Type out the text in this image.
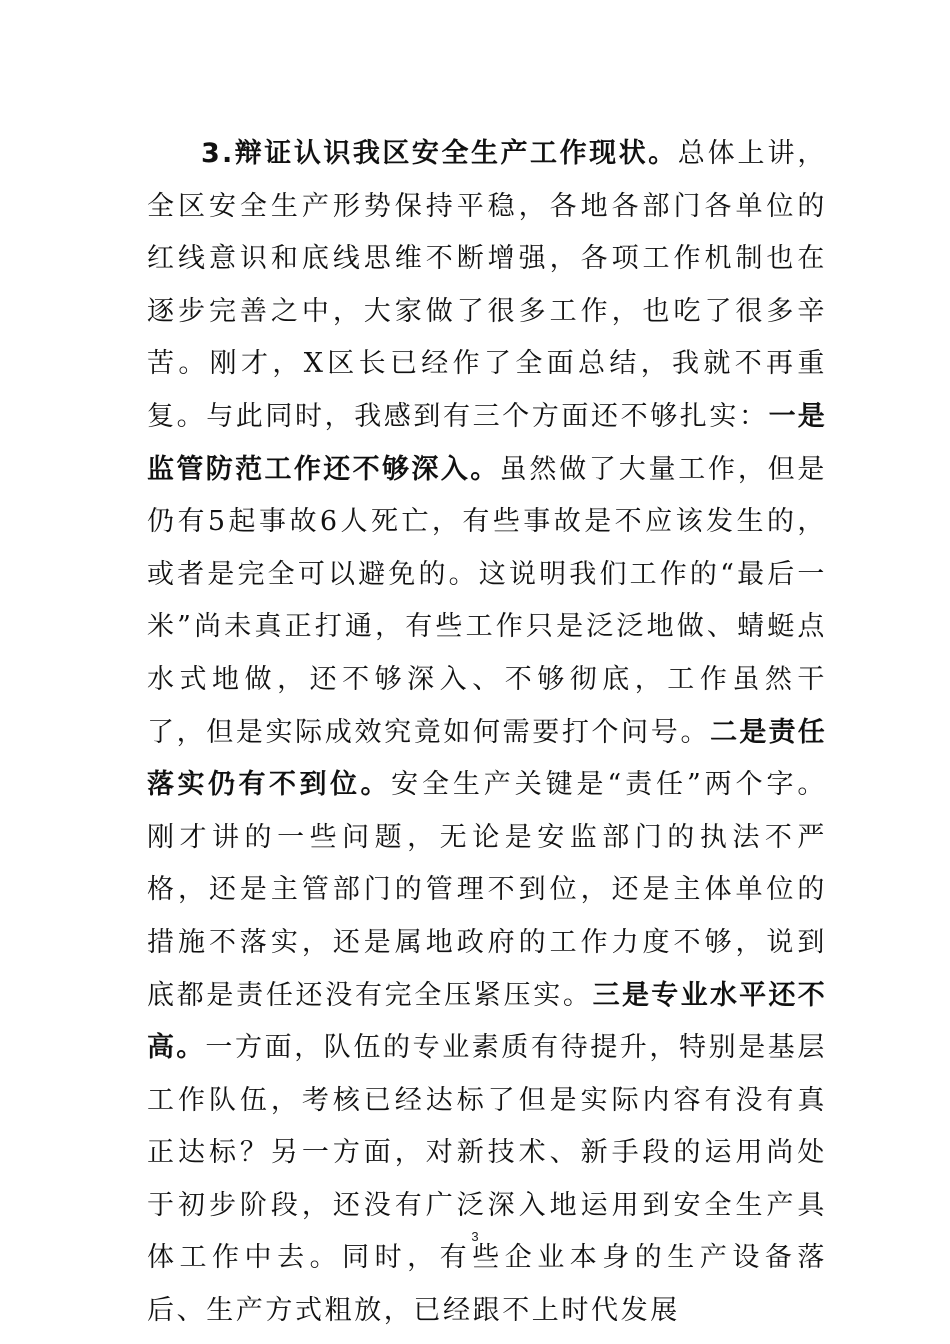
3.辩证认识我区安全生产工作现状。总体上讲，全区安全生产形势保持平稳，各地各部门各单位的红线意识和底线思维不断增强，各项工作机制也在逐步完善之中，大家做了很多工作，也吃了很多辛苦。刚才，X区长已经作了全面总结，我就不再重复。与此同时，我感到有三个方面还不够扎实：一是监管防范工作还不够深入。虽然做了大量工作，但是仍有5起事故6人死亡，有些事故是不应该发生的，或者是完全可以避免的。这说明我们工作的“最后一米”尚未真正打通，有些工作只是泛泛地做、蜻蜓点水式地做，还不够深入、不够彻底，工作虽然干了，但是实际成效究竟如何需要打个问号。二是责任落实仍有不到位。安全生产关键是“责任”两个字。刚才讲的一些问题，无论是安监部门的执法不严格，还是主管部门的管理不到位，还是主体单位的措施不落实，还是属地政府的工作力度不够，说到底都是责任还没有完全压紧压实。三是专业水平还不高。一方面，队伍的专业素质有待提升，特别是基层工作队伍，考核已经达标了但是实际内容有没有真正达标？另一方面，对新技术、新手段的运用尚处于初步阶段，还没有广泛深入地运用到安全生产具体工作中去。同时，有些企业本身的生产设备落后、生产方式粗放，已经跟不上时代发展

3
